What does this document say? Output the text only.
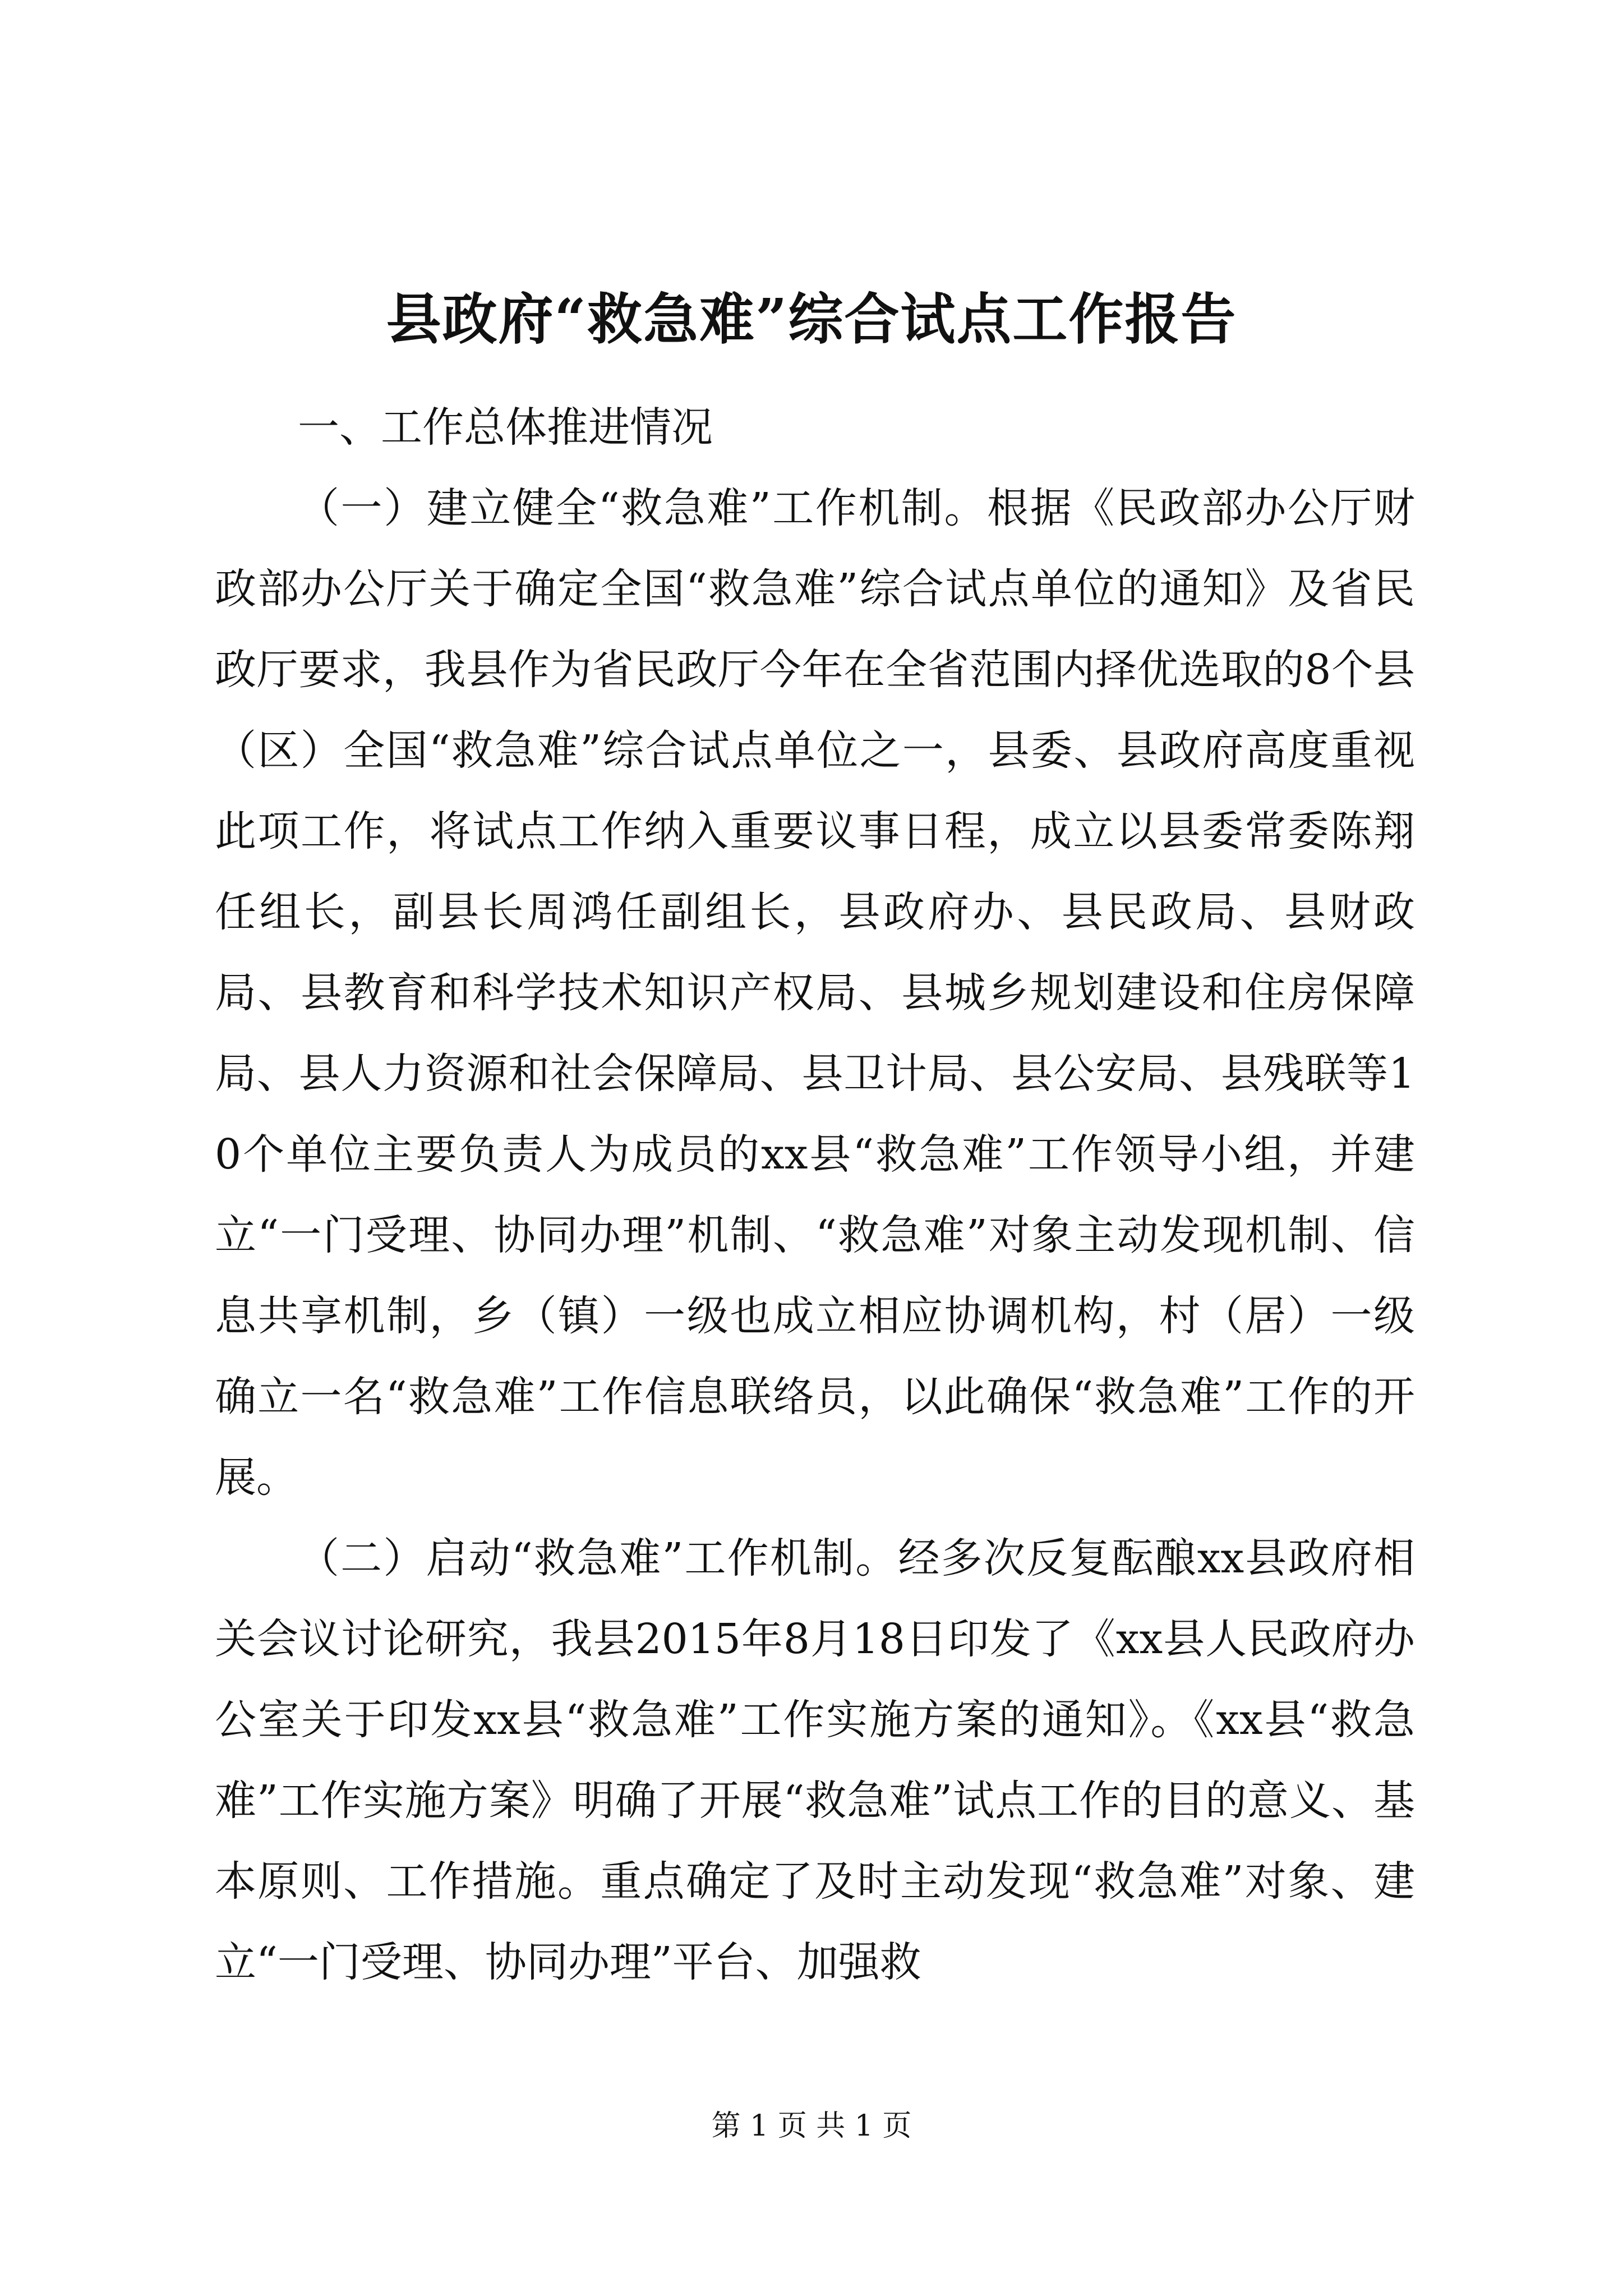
县政府“救急难”综合试点工作报告

一、工作总体推进情况

（一）建立健全“救急难”工作机制。根据《民政部办公厅财政部办公厅关于确定全国“救急难”综合试点单位的通知》及省民政厅要求，我县作为省民政厅今年在全省范围内择优选取的8个县（区）全国“救急难”综合试点单位之一，县委、县政府高度重视此项工作，将试点工作纳入重要议事日程，成立以县委常委陈翔任组长，副县长周鸿任副组长，县政府办、县民政局、县财政局、县教育和科学技术知识产权局、县城乡规划建设和住房保障局、县人力资源和社会保障局、县卫计局、县公安局、县残联等10个单位主要负责人为成员的xx县“救急难”工作领导小组，并建立“一门受理、协同办理”机制、“救急难”对象主动发现机制、信息共享机制，乡（镇）一级也成立相应协调机构，村（居）一级确立一名“救急难”工作信息联络员，以此确保“救急难”工作的开展。

（二）启动“救急难”工作机制。经多次反复酝酿xx县政府相关会议讨论研究，我县2015年8月18日印发了《xx县人民政府办公室关于印发xx县“救急难”工作实施方案的通知》。《xx县“救急难”工作实施方案》明确了开展“救急难”试点工作的目的意义、基本原则、工作措施。重点确定了及时主动发现“救急难”对象、建立“一门受理、协同办理”平台、加强救

第 1 页 共 1 页
